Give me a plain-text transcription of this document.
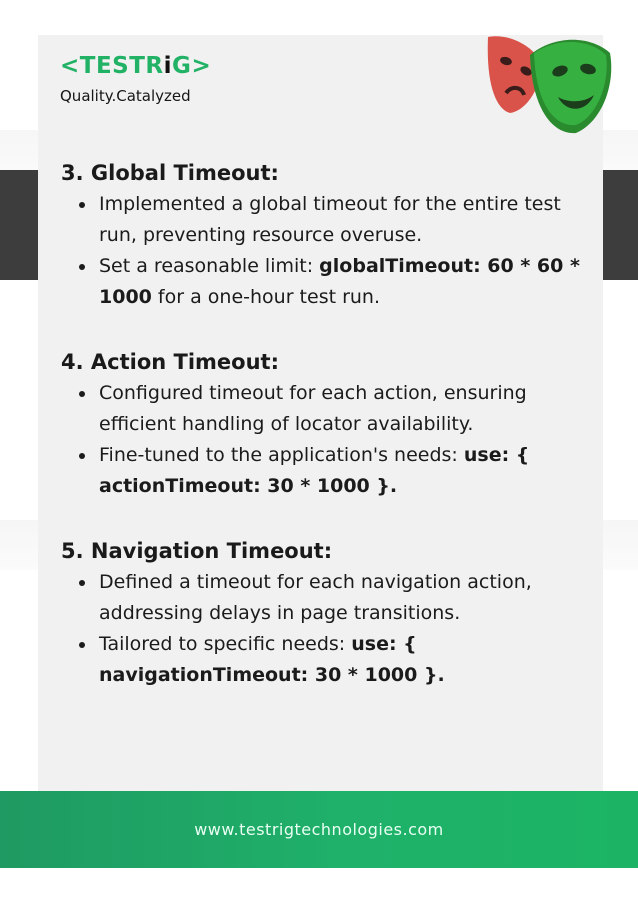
<TESTRiG>
Quality.Catalyzed
3. Global Timeout:
Implemented a global timeout for the entire test run, preventing resource overuse.
Set a reasonable limit: globalTimeout: 60 * 60 * 1000 for a one-hour test run.
4. Action Timeout:
Configured timeout for each action, ensuring efficient handling of locator availability.
Fine-tuned to the application's needs: use: { actionTimeout: 30 * 1000 }.
5. Navigation Timeout:
Defined a timeout for each navigation action, addressing delays in page transitions.
Tailored to specific needs: use: { navigationTimeout: 30 * 1000 }.
www.testrigtechnologies.com
